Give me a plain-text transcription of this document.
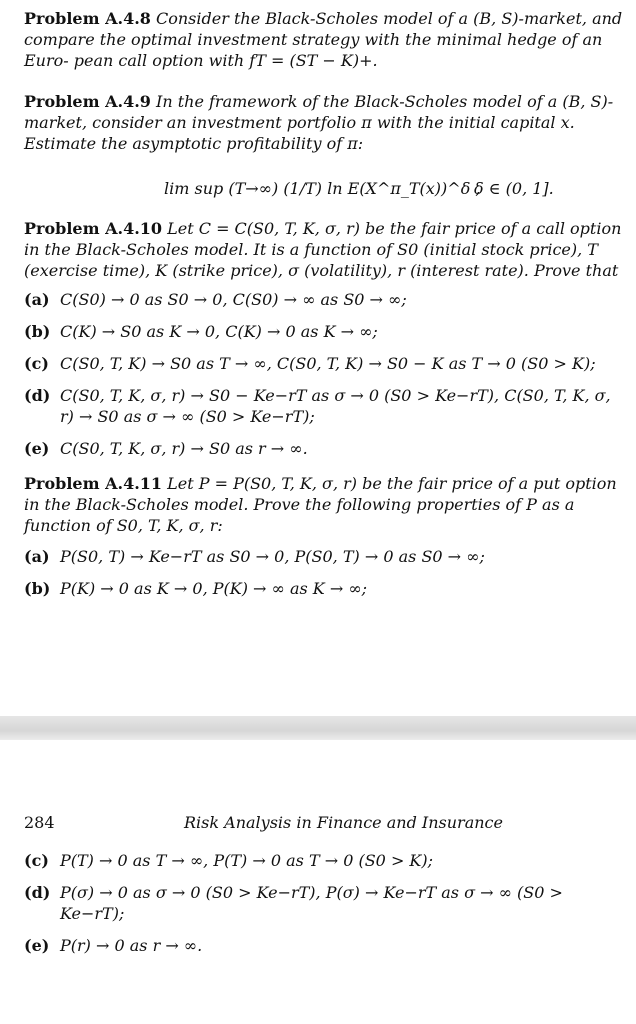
Problem A.4.8 Consider the Black-Scholes model of a (B, S)-market, and compare the optimal investment strategy with the minimal hedge of an Euro- pean call option with fT = (ST − K)+.

Problem A.4.9 In the framework of the Black-Scholes model of a (B, S)-market, consider an investment portfolio π with the initial capital x. Estimate the asymptotic profitability of π:

lim sup (T→∞) (1/T) ln E(X^π_T(x))^δ ,
δ ∈ (0, 1].

Problem A.4.10 Let C = C(S0, T, K, σ, r) be the fair price of a call option in the Black-Scholes model. It is a function of S0 (initial stock price), T (exercise time), K (strike price), σ (volatility), r (interest rate). Prove that

(a) C(S0) → 0 as S0 → 0, C(S0) → ∞ as S0 → ∞;

(b) C(K) → S0 as K → 0, C(K) → 0 as K → ∞;

(c) C(S0, T, K) → S0 as T → ∞, C(S0, T, K) → S0 − K as T → 0 (S0 > K);

(d) C(S0, T, K, σ, r) → S0 − Ke−rT as σ → 0 (S0 > Ke−rT), C(S0, T, K, σ, r) → S0 as σ → ∞ (S0 > Ke−rT);

(e) C(S0, T, K, σ, r) → S0 as r → ∞.

Problem A.4.11 Let P = P(S0, T, K, σ, r) be the fair price of a put option in the Black-Scholes model. Prove the following properties of P as a function of S0, T, K, σ, r:

(a) P(S0, T) → Ke−rT as S0 → 0, P(S0, T) → 0 as S0 → ∞;

(b) P(K) → 0 as K → 0, P(K) → ∞ as K → ∞;

284	Risk Analysis in Finance and Insurance

(c) P(T) → 0 as T → ∞, P(T) → 0 as T → 0 (S0 > K);

(d) P(σ) → 0 as σ → 0 (S0 > Ke−rT), P(σ) → Ke−rT as σ → ∞ (S0 > Ke−rT);

(e) P(r) → 0 as r → ∞.
